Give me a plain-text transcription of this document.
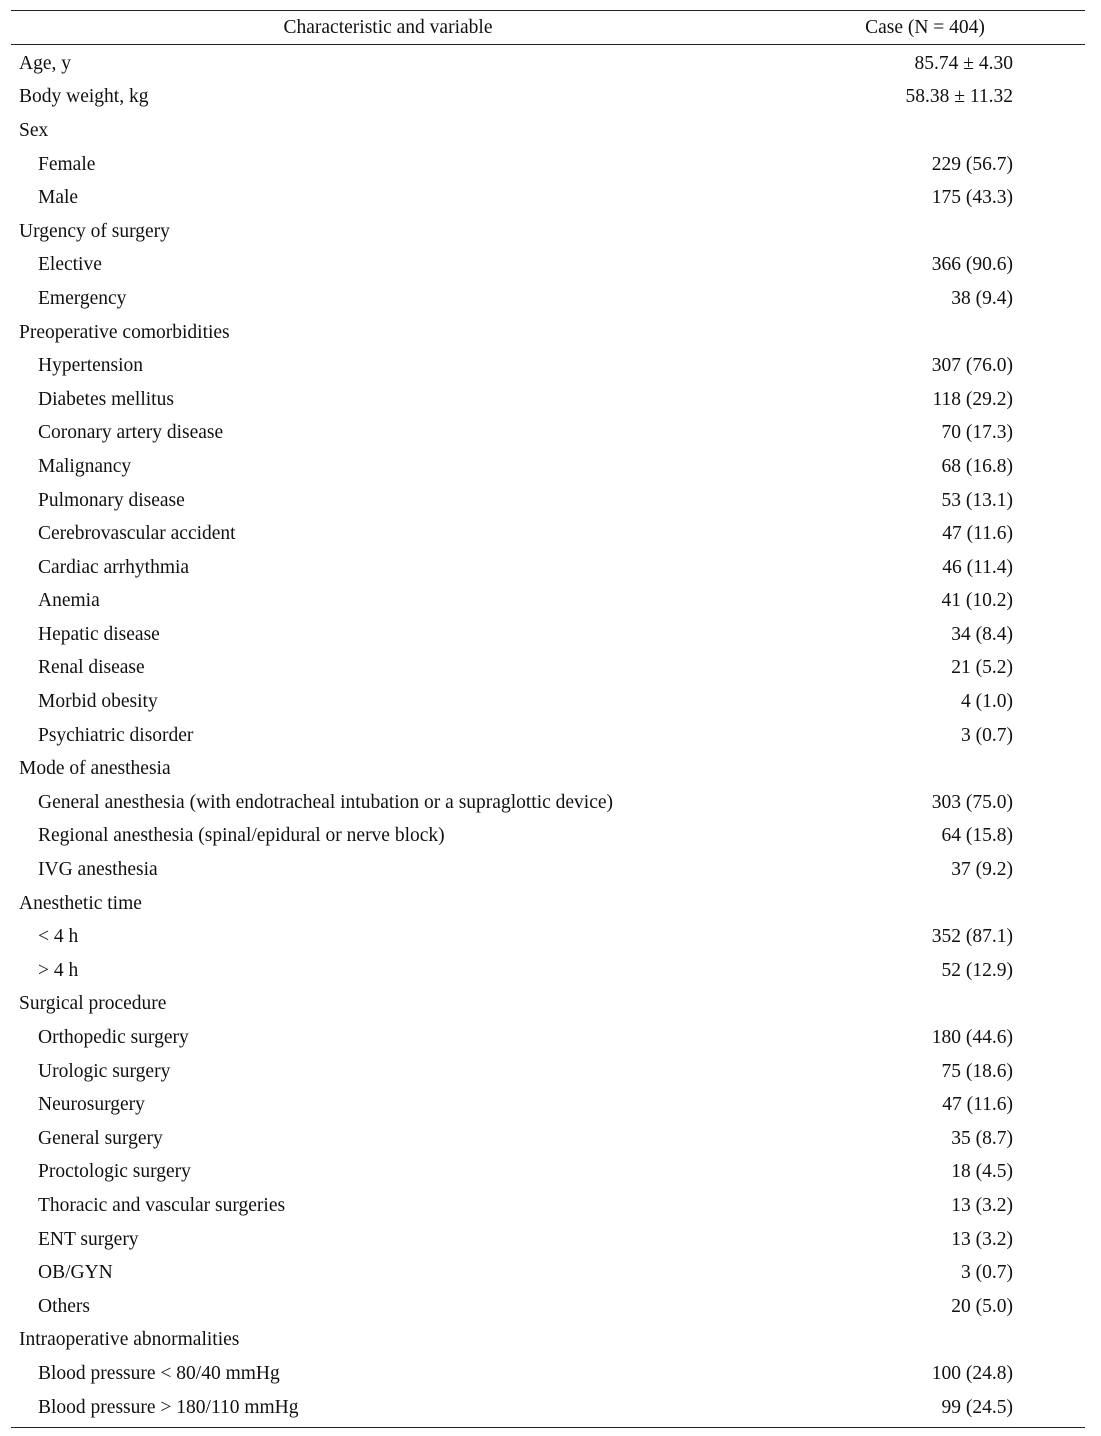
Characteristic and variable	Case (N = 404)
Age, y	85.74 ± 4.30
Body weight, kg	58.38 ± 11.32
Sex
Female	229 (56.7)
Male	175 (43.3)
Urgency of surgery
Elective	366 (90.6)
Emergency	38 (9.4)
Preoperative comorbidities
Hypertension	307 (76.0)
Diabetes mellitus	118 (29.2)
Coronary artery disease	70 (17.3)
Malignancy	68 (16.8)
Pulmonary disease	53 (13.1)
Cerebrovascular accident	47 (11.6)
Cardiac arrhythmia	46 (11.4)
Anemia	41 (10.2)
Hepatic disease	34 (8.4)
Renal disease	21 (5.2)
Morbid obesity	4 (1.0)
Psychiatric disorder	3 (0.7)
Mode of anesthesia
General anesthesia (with endotracheal intubation or a supraglottic device)	303 (75.0)
Regional anesthesia (spinal/epidural or nerve block)	64 (15.8)
IVG anesthesia	37 (9.2)
Anesthetic time
< 4 h	352 (87.1)
> 4 h	52 (12.9)
Surgical procedure
Orthopedic surgery	180 (44.6)
Urologic surgery	75 (18.6)
Neurosurgery	47 (11.6)
General surgery	35 (8.7)
Proctologic surgery	18 (4.5)
Thoracic and vascular surgeries	13 (3.2)
ENT surgery	13 (3.2)
OB/GYN	3 (0.7)
Others	20 (5.0)
Intraoperative abnormalities
Blood pressure < 80/40 mmHg	100 (24.8)
Blood pressure > 180/110 mmHg	99 (24.5)
